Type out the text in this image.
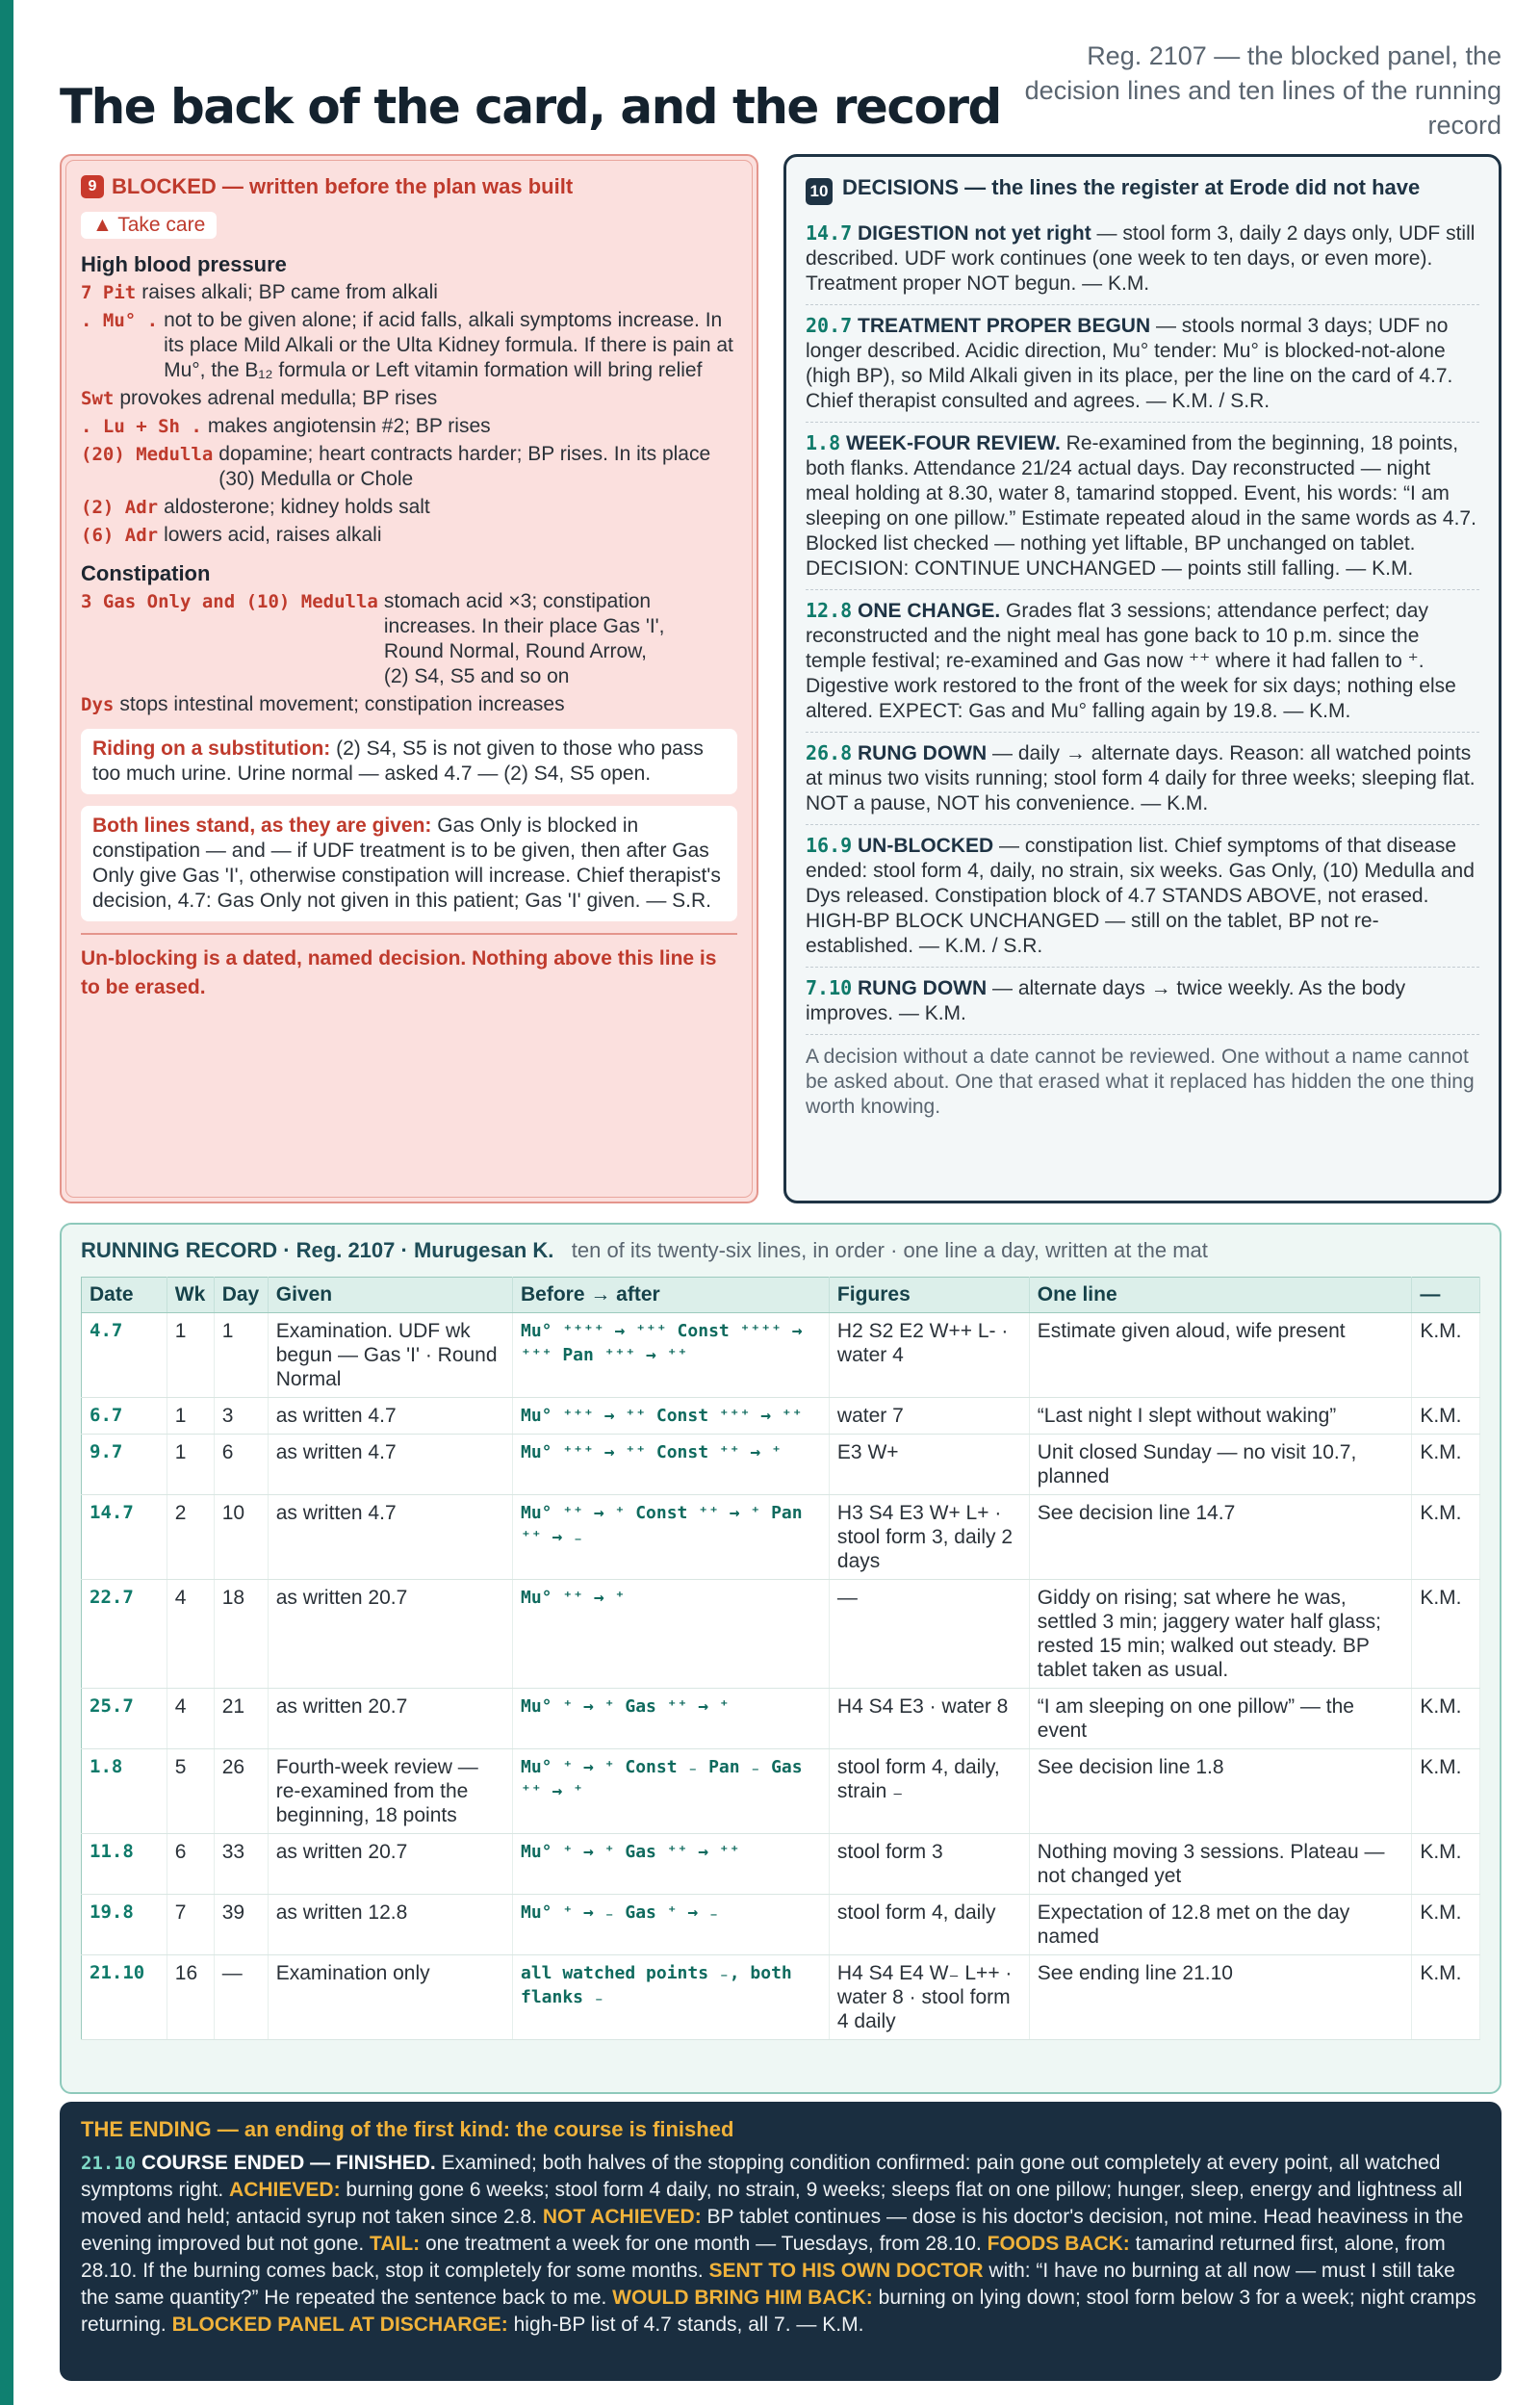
The back of the card, and the record
Reg. 2107 — the blocked panel, the decision lines and ten lines of the running record
9 BLOCKED — written before the plan was built
▲ Take care
High blood pressure
7 Pit raises alkali; BP came from alkali
. Mu° . not to be given alone; if acid falls, alkali symptoms increase. In its place Mild Alkali or the Ulta Kidney formula. If there is pain at Mu°, the B₁₂ formula or Left vitamin formation will bring relief
Swt provokes adrenal medulla; BP rises
. Lu + Sh . makes angiotensin #2; BP rises
(20) Medulla dopamine; heart contracts harder; BP rises. In its place (30) Medulla or Chole
(2) Adr aldosterone; kidney holds salt
(6) Adr lowers acid, raises alkali
Constipation
3 Gas Only and (10) Medulla stomach acid ×3; constipation increases. In their place Gas 'I', Round Normal, Round Arrow, (2) S4, S5 and so on
Dys stops intestinal movement; constipation increases
Riding on a substitution: (2) S4, S5 is not given to those who pass too much urine. Urine normal — asked 4.7 — (2) S4, S5 open.
Both lines stand, as they are given: Gas Only is blocked in constipation — and — if UDF treatment is to be given, then after Gas Only give Gas 'I', otherwise constipation will increase. Chief therapist's decision, 4.7: Gas Only not given in this patient; Gas 'I' given. — S.R.
Un-blocking is a dated, named decision. Nothing above this line is to be erased.
10 DECISIONS — the lines the register at Erode did not have
14.7 DIGESTION not yet right — stool form 3, daily 2 days only, UDF still described. UDF work continues (one week to ten days, or even more). Treatment proper NOT begun. — K.M.
20.7 TREATMENT PROPER BEGUN — stools normal 3 days; UDF no longer described. Acidic direction, Mu° tender: Mu° is blocked-not-alone (high BP), so Mild Alkali given in its place, per the line on the card of 4.7. Chief therapist consulted and agrees. — K.M. / S.R.
1.8 WEEK-FOUR REVIEW. Re-examined from the beginning, 18 points, both flanks. Attendance 21/24 actual days. Day reconstructed — night meal holding at 8.30, water 8, tamarind stopped. Event, his words: “I am sleeping on one pillow.” Estimate repeated aloud in the same words as 4.7. Blocked list checked — nothing yet liftable, BP unchanged on tablet. DECISION: CONTINUE UNCHANGED — points still falling. — K.M.
12.8 ONE CHANGE. Grades flat 3 sessions; attendance perfect; day reconstructed and the night meal has gone back to 10 p.m. since the temple festival; re-examined and Gas now ⁺⁺ where it had fallen to ⁺. Digestive work restored to the front of the week for six days; nothing else altered. EXPECT: Gas and Mu° falling again by 19.8. — K.M.
26.8 RUNG DOWN — daily → alternate days. Reason: all watched points at minus two visits running; stool form 4 daily for three weeks; sleeping flat. NOT a pause, NOT his convenience. — K.M.
16.9 UN-BLOCKED — constipation list. Chief symptoms of that disease ended: stool form 4, daily, no strain, six weeks. Gas Only, (10) Medulla and Dys released. Constipation block of 4.7 STANDS ABOVE, not erased. HIGH-BP BLOCK UNCHANGED — still on the tablet, BP not re-established. — K.M. / S.R.
7.10 RUNG DOWN — alternate days → twice weekly. As the body improves. — K.M.
A decision without a date cannot be reviewed. One without a name cannot be asked about. One that erased what it replaced has hidden the one thing worth knowing.
RUNNING RECORD · Reg. 2107 · Murugesan K. ten of its twenty-six lines, in order · one line a day, written at the mat
Date	Wk	Day	Given	Before → after	Figures	One line	—
4.7	1	1	Examination. UDF wk begun — Gas 'I' · Round Normal	Mu° ⁺⁺⁺⁺ → ⁺⁺⁺ Const ⁺⁺⁺⁺ → ⁺⁺⁺ Pan ⁺⁺⁺ → ⁺⁺	H2 S2 E2 W++ L- · water 4	Estimate given aloud, wife present	K.M.
6.7	1	3	as written 4.7	Mu° ⁺⁺⁺ → ⁺⁺ Const ⁺⁺⁺ → ⁺⁺	water 7	“Last night I slept without waking”	K.M.
9.7	1	6	as written 4.7	Mu° ⁺⁺⁺ → ⁺⁺ Const ⁺⁺ → ⁺	E3 W+	Unit closed Sunday — no visit 10.7, planned	K.M.
14.7	2	10	as written 4.7	Mu° ⁺⁺ → ⁺ Const ⁺⁺ → ⁺ Pan ⁺⁺ → ₋	H3 S4 E3 W+ L+ · stool form 3, daily 2 days	See decision line 14.7	K.M.
22.7	4	18	as written 20.7	Mu° ⁺⁺ → ⁺	—	Giddy on rising; sat where he was, settled 3 min; jaggery water half glass; rested 15 min; walked out steady. BP tablet taken as usual.	K.M.
25.7	4	21	as written 20.7	Mu° ⁺ → ⁺ Gas ⁺⁺ → ⁺	H4 S4 E3 · water 8	“I am sleeping on one pillow” — the event	K.M.
1.8	5	26	Fourth-week review — re-examined from the beginning, 18 points	Mu° ⁺ → ⁺ Const ₋ Pan ₋ Gas ⁺⁺ → ⁺	stool form 4, daily, strain ₋	See decision line 1.8	K.M.
11.8	6	33	as written 20.7	Mu° ⁺ → ⁺ Gas ⁺⁺ → ⁺⁺	stool form 3	Nothing moving 3 sessions. Plateau — not changed yet	K.M.
19.8	7	39	as written 12.8	Mu° ⁺ → ₋ Gas ⁺ → ₋	stool form 4, daily	Expectation of 12.8 met on the day named	K.M.
21.10	16	—	Examination only	all watched points ₋, both flanks ₋	H4 S4 E4 W₋ L++ · water 8 · stool form 4 daily	See ending line 21.10	K.M.
THE ENDING — an ending of the first kind: the course is finished
21.10 COURSE ENDED — FINISHED. Examined; both halves of the stopping condition confirmed: pain gone out completely at every point, all watched symptoms right. ACHIEVED: burning gone 6 weeks; stool form 4 daily, no strain, 9 weeks; sleeps flat on one pillow; hunger, sleep, energy and lightness all moved and held; antacid syrup not taken since 2.8. NOT ACHIEVED: BP tablet continues — dose is his doctor's decision, not mine. Head heaviness in the evening improved but not gone. TAIL: one treatment a week for one month — Tuesdays, from 28.10. FOODS BACK: tamarind returned first, alone, from 28.10. If the burning comes back, stop it completely for some months. SENT TO HIS OWN DOCTOR with: “I have no burning at all now — must I still take the same quantity?” He repeated the sentence back to me. WOULD BRING HIM BACK: burning on lying down; stool form below 3 for a week; night cramps returning. BLOCKED PANEL AT DISCHARGE: high-BP list of 4.7 stands, all 7. — K.M.
